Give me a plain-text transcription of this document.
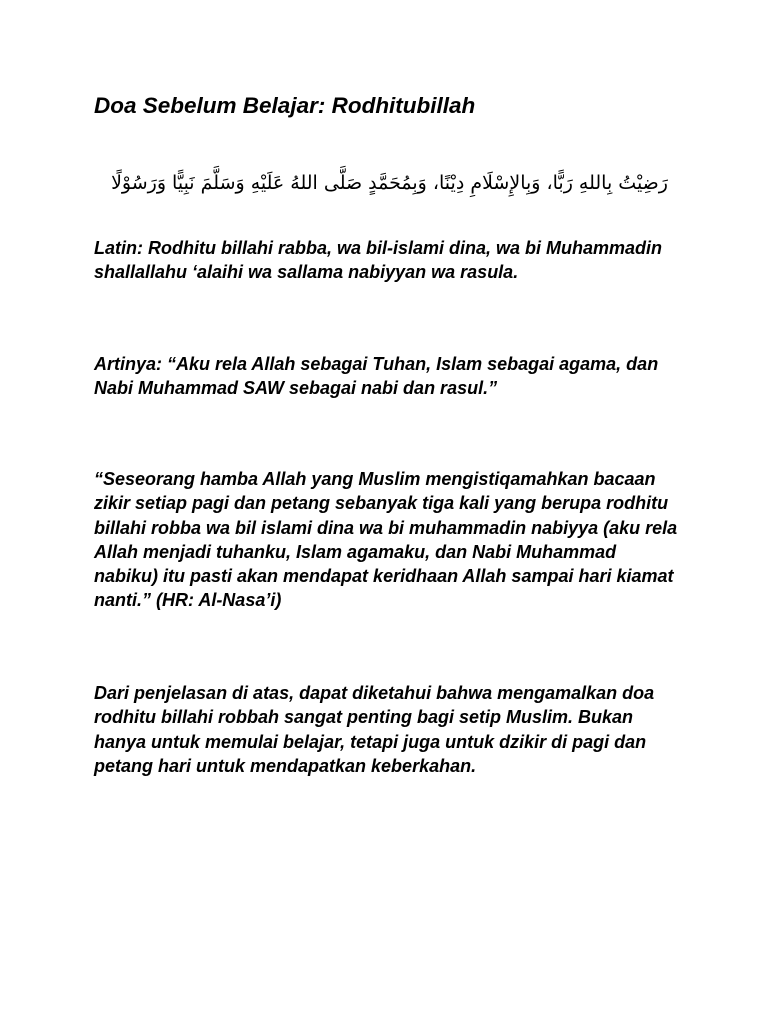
Doa Sebelum Belajar: Rodhitubillah

رَضِيْتُ بِاللهِ رَبًّا، وَبِالإِسْلَامِ دِيْنًا، وَبِمُحَمَّدٍ صَلَّى اللهُ عَلَيْهِ وَسَلَّمَ نَبِيًّا وَرَسُوْلًا

Latin: Rodhitu billahi rabba, wa bil-islami dina, wa bi Muhammadin shallallahu ‘alaihi wa sallama nabiyyan wa rasula.

Artinya: “Aku rela Allah sebagai Tuhan, Islam sebagai agama, dan Nabi Muhammad SAW sebagai nabi dan rasul.”

“Seseorang hamba Allah yang Muslim mengistiqamahkan bacaan zikir setiap pagi dan petang sebanyak tiga kali yang berupa rodhitu billahi robba wa bil islami dina wa bi muhammadin nabiyya (aku rela Allah menjadi tuhanku, Islam agamaku, dan Nabi Muhammad nabiku) itu pasti akan mendapat keridhaan Allah sampai hari kiamat nanti.” (HR: Al-Nasa’i)

Dari penjelasan di atas, dapat diketahui bahwa mengamalkan doa rodhitu billahi robbah sangat penting bagi setip Muslim. Bukan hanya untuk memulai belajar, tetapi juga untuk dzikir di pagi dan petang hari untuk mendapatkan keberkahan.
